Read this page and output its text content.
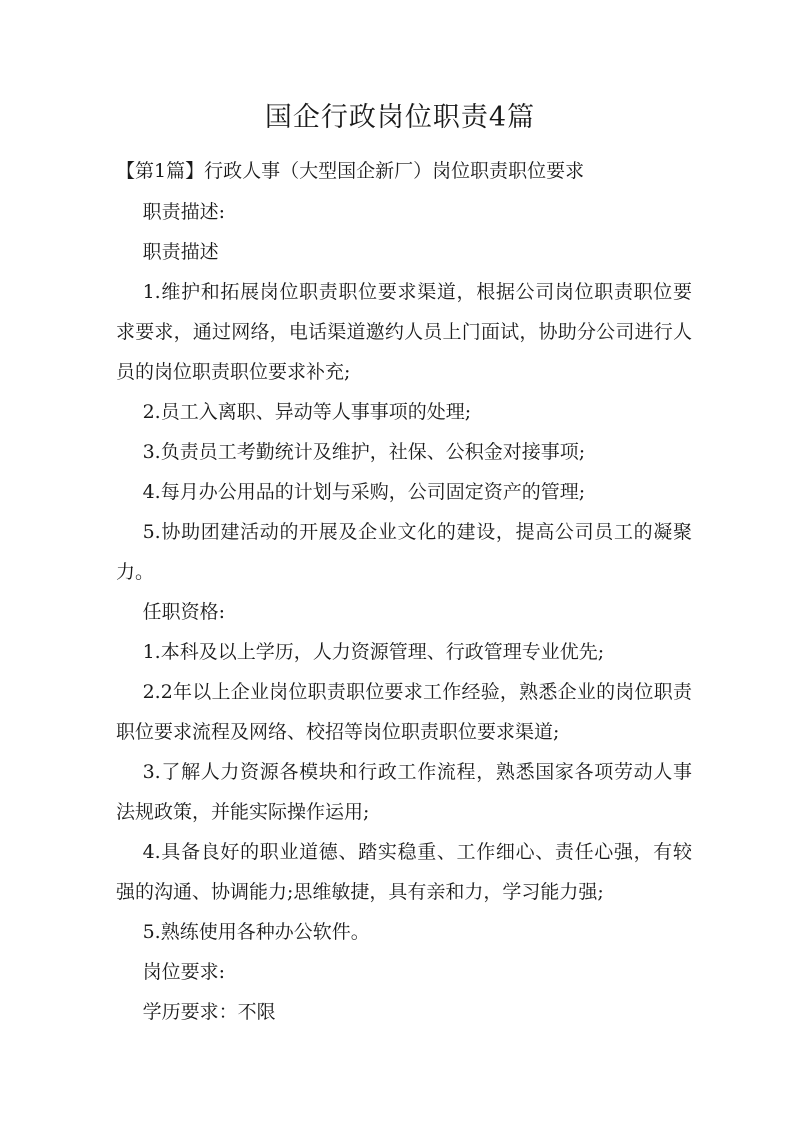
国企行政岗位职责4篇
【第1篇】行政人事（大型国企新厂）岗位职责职位要求

职责描述:

职责描述

1.维护和拓展岗位职责职位要求渠道，根据公司岗位职责职位要求要求，通过网络，电话渠道邀约人员上门面试，协助分公司进行人员的岗位职责职位要求补充;

2.员工入离职、异动等人事事项的处理;

3.负责员工考勤统计及维护，社保、公积金对接事项;

4.每月办公用品的计划与采购，公司固定资产的管理;

5.协助团建活动的开展及企业文化的建设，提高公司员工的凝聚力。

任职资格:

1.本科及以上学历，人力资源管理、行政管理专业优先;

2.2年以上企业岗位职责职位要求工作经验，熟悉企业的岗位职责职位要求流程及网络、校招等岗位职责职位要求渠道;

3.了解人力资源各模块和行政工作流程，熟悉国家各项劳动人事法规政策，并能实际操作运用;

4.具备良好的职业道德、踏实稳重、工作细心、责任心强，有较强的沟通、协调能力;思维敏捷，具有亲和力，学习能力强;

5.熟练使用各种办公软件。

岗位要求:

学历要求：不限
